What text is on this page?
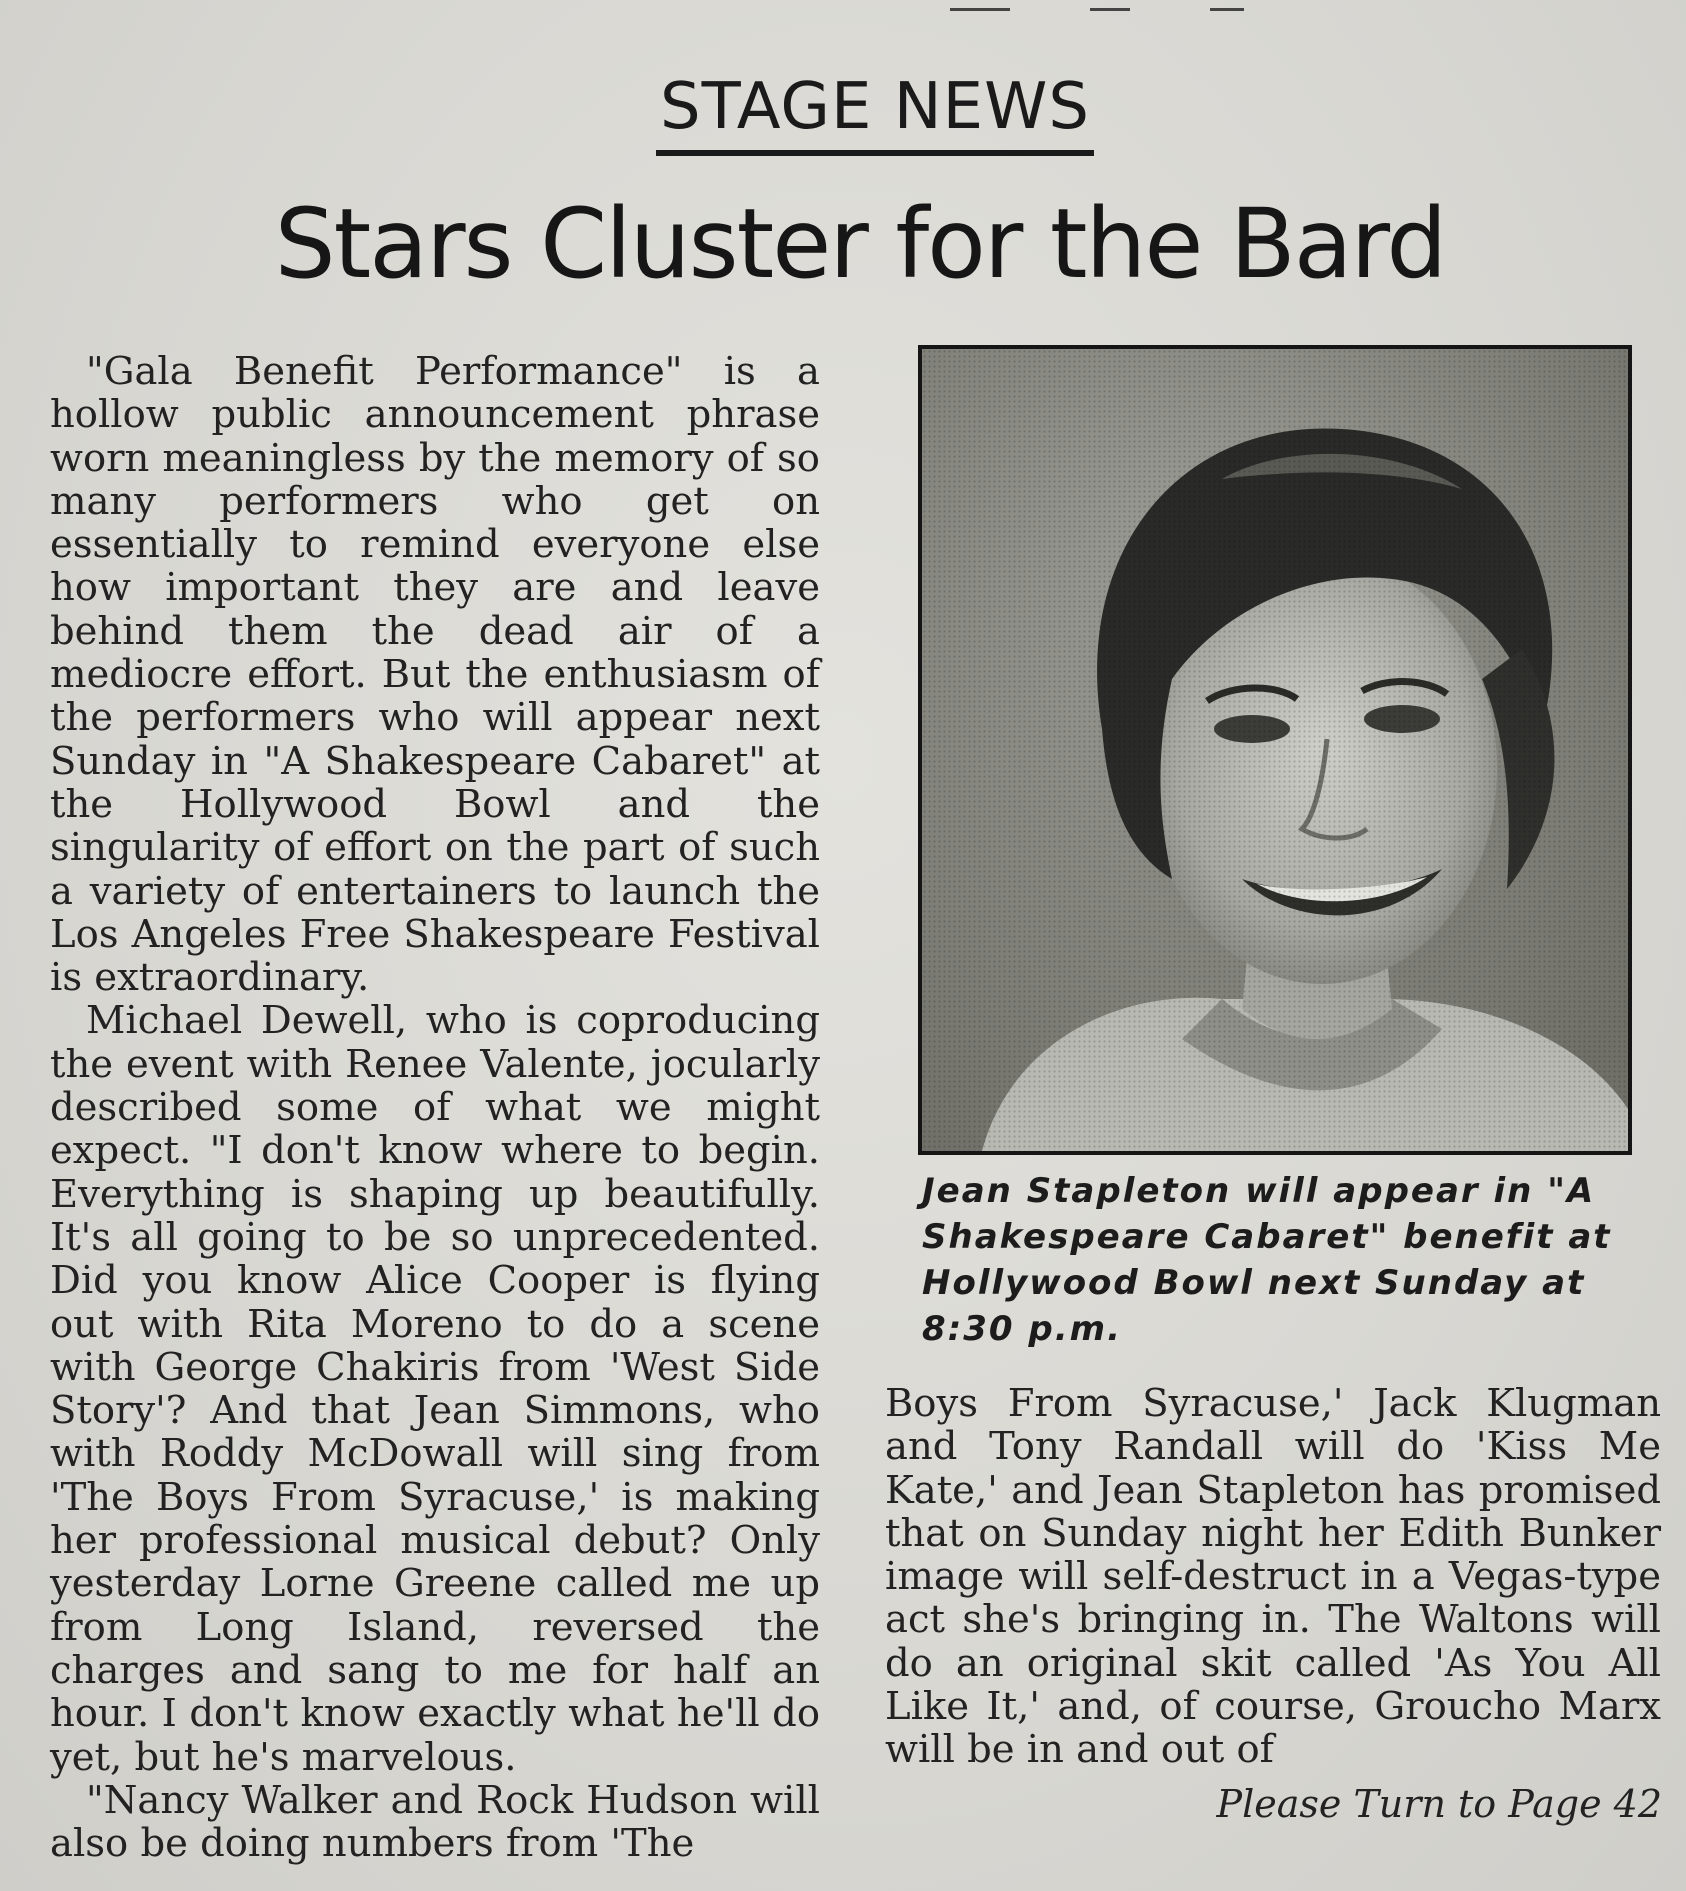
STAGE NEWS
Stars Cluster for the Bard

"Gala Benefit Performance" is a hollow public announcement phrase worn meaningless by the memory of so many performers who get on essentially to remind everyone else how important they are and leave behind them the dead air of a mediocre effort. But the enthusiasm of the performers who will appear next Sunday in "A Shakespeare Cabaret" at the Hollywood Bowl and the singularity of effort on the part of such a variety of entertainers to launch the Los Angeles Free Shakespeare Festival is extraordinary.

Michael Dewell, who is coproducing the event with Renee Valente, jocularly described some of what we might expect. "I don't know where to begin. Everything is shaping up beautifully. It's all going to be so unprecedented. Did you know Alice Cooper is flying out with Rita Moreno to do a scene with George Chakiris from 'West Side Story'? And that Jean Simmons, who with Roddy McDowall will sing from 'The Boys From Syracuse,' is making her professional musical debut? Only yesterday Lorne Greene called me up from Long Island, reversed the charges and sang to me for half an hour. I don't know exactly what he'll do yet, but he's marvelous.

"Nancy Walker and Rock Hudson will also be doing numbers from 'The

Jean Stapleton will appear in "A Shakespeare Cabaret" benefit at Hollywood Bowl next Sunday at 8:30 p.m.

Boys From Syracuse,' Jack Klugman and Tony Randall will do 'Kiss Me Kate,' and Jean Stapleton has promised that on Sunday night her Edith Bunker image will self-destruct in a Vegas-type act she's bringing in. The Waltons will do an original skit called 'As You All Like It,' and, of course, Groucho Marx will be in and out of

Please Turn to Page 42
